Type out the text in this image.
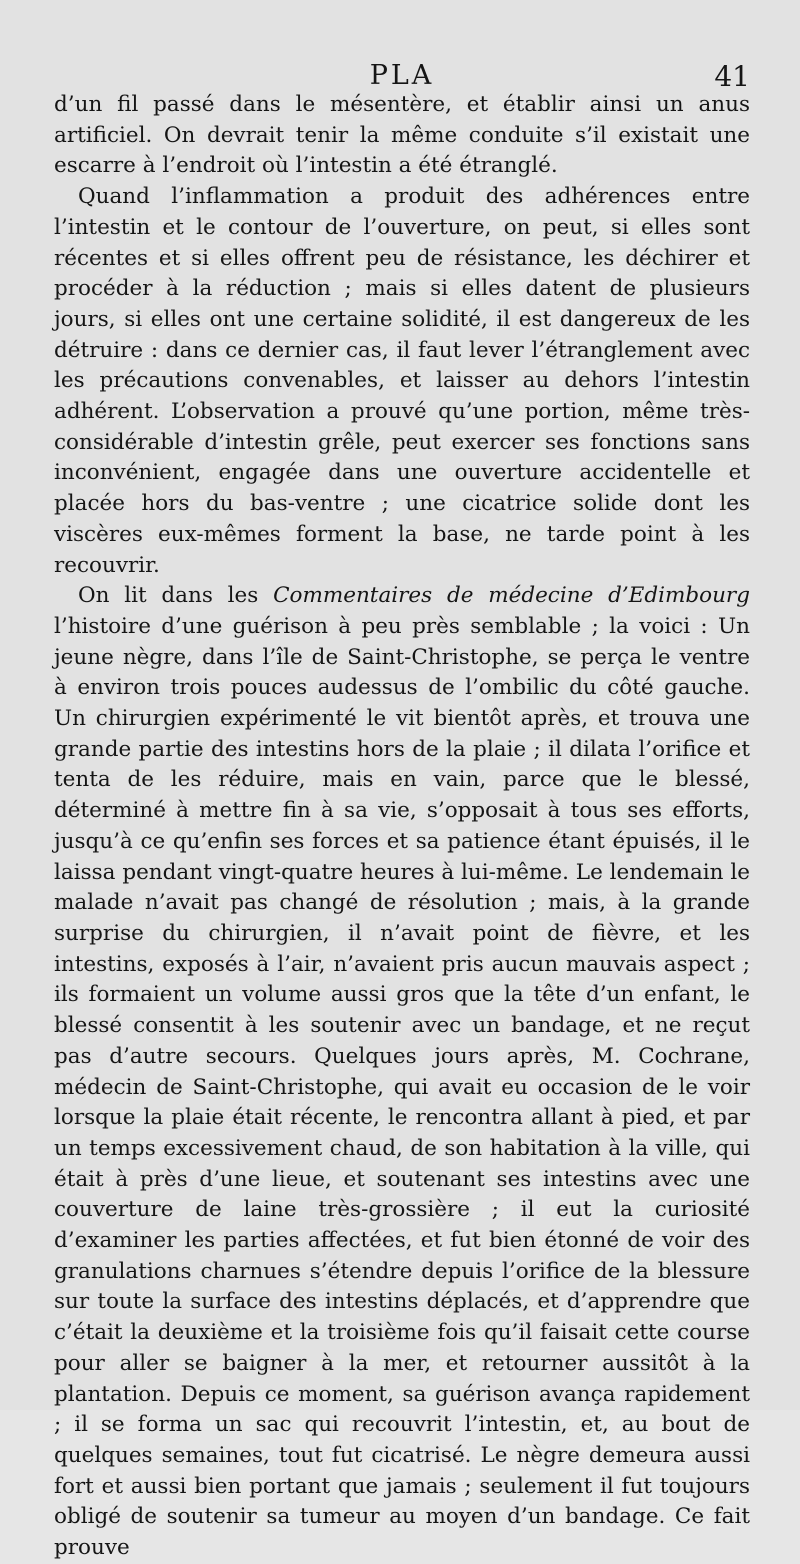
PLA	41

d’un fil passé dans le mésentère, et établir ainsi un anus artificiel. On devrait tenir la même conduite s’il existait une escarre à l’endroit où l’intestin a été étranglé.

Quand l’inflammation a produit des adhérences entre l’intestin et le contour de l’ouverture, on peut, si elles sont récentes et si elles offrent peu de résistance, les déchirer et procéder à la réduction ; mais si elles datent de plusieurs jours, si elles ont une certaine solidité, il est dangereux de les détruire : dans ce dernier cas, il faut lever l’étranglement avec les précautions convenables, et laisser au dehors l’intestin adhérent. L’observation a prouvé qu’une portion, même très-considérable d’intestin grêle, peut exercer ses fonctions sans inconvénient, engagée dans une ouverture accidentelle et placée hors du bas-ventre ; une cicatrice solide dont les viscères eux-mêmes forment la base, ne tarde point à les recouvrir.

On lit dans les Commentaires de médecine d’Edimbourg l’histoire d’une guérison à peu près semblable ; la voici : Un jeune nègre, dans l’île de Saint-Christophe, se perça le ventre à environ trois pouces audessus de l’ombilic du côté gauche. Un chirurgien expérimenté le vit bientôt après, et trouva une grande partie des intestins hors de la plaie ; il dilata l’orifice et tenta de les réduire, mais en vain, parce que le blessé, déterminé à mettre fin à sa vie, s’opposait à tous ses efforts, jusqu’à ce qu’enfin ses forces et sa patience étant épuisés, il le laissa pendant vingt-quatre heures à lui-même. Le lendemain le malade n’avait pas changé de résolution ; mais, à la grande surprise du chirurgien, il n’avait point de fièvre, et les intestins, exposés à l’air, n’avaient pris aucun mauvais aspect ; ils formaient un volume aussi gros que la tête d’un enfant, le blessé consentit à les soutenir avec un bandage, et ne reçut pas d’autre secours. Quelques jours après, M. Cochrane, médecin de Saint-Christophe, qui avait eu occasion de le voir lorsque la plaie était récente, le rencontra allant à pied, et par un temps excessivement chaud, de son habitation à la ville, qui était à près d’une lieue, et soutenant ses intestins avec une couverture de laine très-grossière ; il eut la curiosité d’examiner les parties affectées, et fut bien étonné de voir des granulations charnues s’étendre depuis l’orifice de la blessure sur toute la surface des intestins déplacés, et d’apprendre que c’était la deuxième et la troisième fois qu’il faisait cette course pour aller se baigner à la mer, et retourner aussitôt à la plantation. Depuis ce moment, sa guérison avança rapidement ; il se forma un sac qui recouvrit l’intestin, et, au bout de quelques semaines, tout fut cicatrisé. Le nègre demeura aussi fort et aussi bien portant que jamais ; seulement il fut toujours obligé de soutenir sa tumeur au moyen d’un bandage. Ce fait prouve
